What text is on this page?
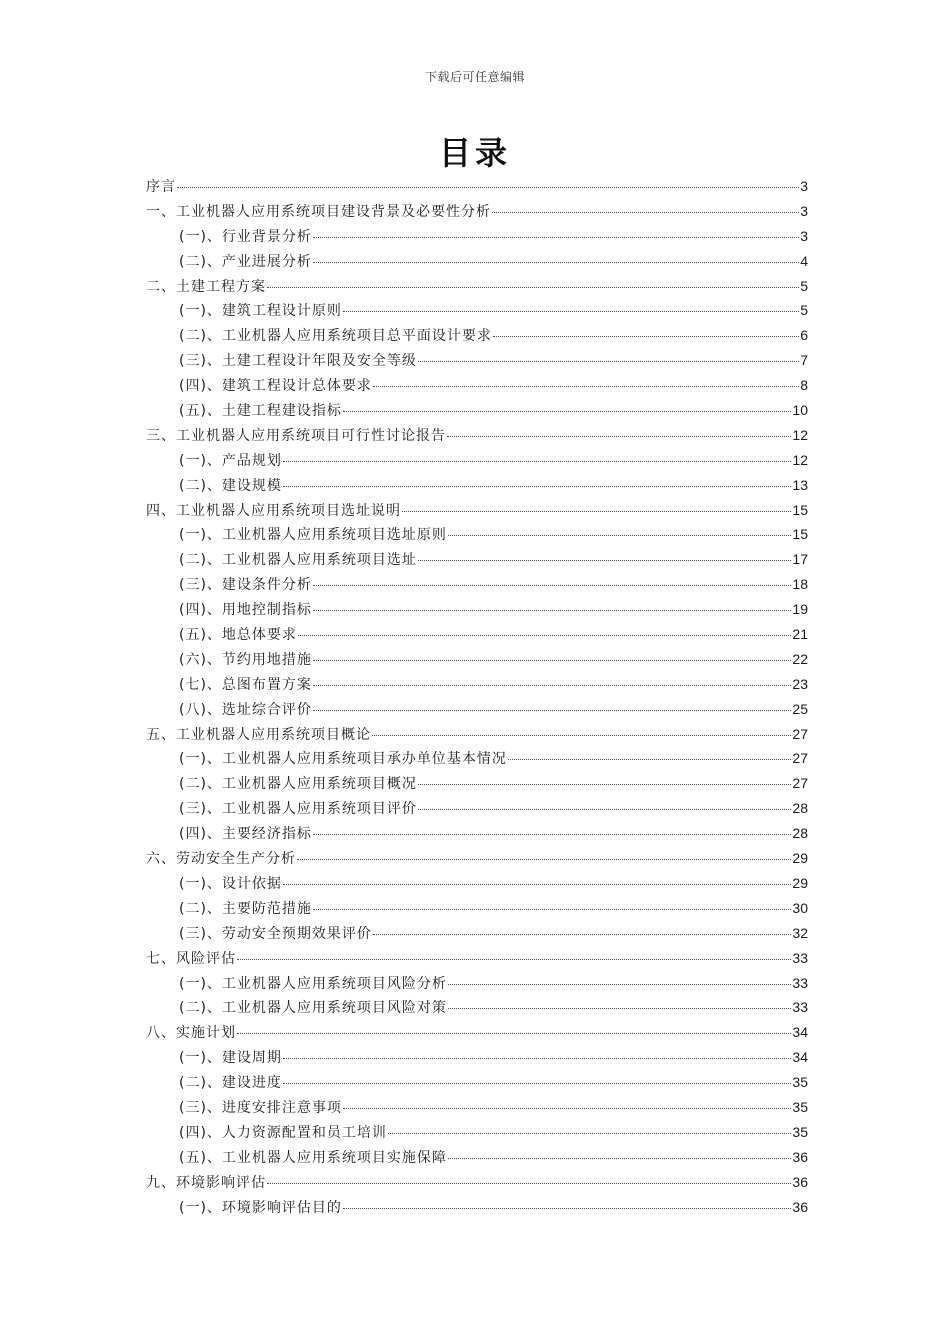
下载后可任意编辑
目录
序言	3
一、工业机器人应用系统项目建设背景及必要性分析	3
(一)、行业背景分析	3
(二)、产业进展分析	4
二、土建工程方案	5
(一)、建筑工程设计原则	5
(二)、工业机器人应用系统项目总平面设计要求	6
(三)、土建工程设计年限及安全等级	7
(四)、建筑工程设计总体要求	8
(五)、土建工程建设指标	10
三、工业机器人应用系统项目可行性讨论报告	12
(一)、产品规划	12
(二)、建设规模	13
四、工业机器人应用系统项目选址说明	15
(一)、工业机器人应用系统项目选址原则	15
(二)、工业机器人应用系统项目选址	17
(三)、建设条件分析	18
(四)、用地控制指标	19
(五)、地总体要求	21
(六)、节约用地措施	22
(七)、总图布置方案	23
(八)、选址综合评价	25
五、工业机器人应用系统项目概论	27
(一)、工业机器人应用系统项目承办单位基本情况	27
(二)、工业机器人应用系统项目概况	27
(三)、工业机器人应用系统项目评价	28
(四)、主要经济指标	28
六、劳动安全生产分析	29
(一)、设计依据	29
(二)、主要防范措施	30
(三)、劳动安全预期效果评价	32
七、风险评估	33
(一)、工业机器人应用系统项目风险分析	33
(二)、工业机器人应用系统项目风险对策	33
八、实施计划	34
(一)、建设周期	34
(二)、建设进度	35
(三)、进度安排注意事项	35
(四)、人力资源配置和员工培训	35
(五)、工业机器人应用系统项目实施保障	36
九、环境影响评估	36
(一)、环境影响评估目的	36
